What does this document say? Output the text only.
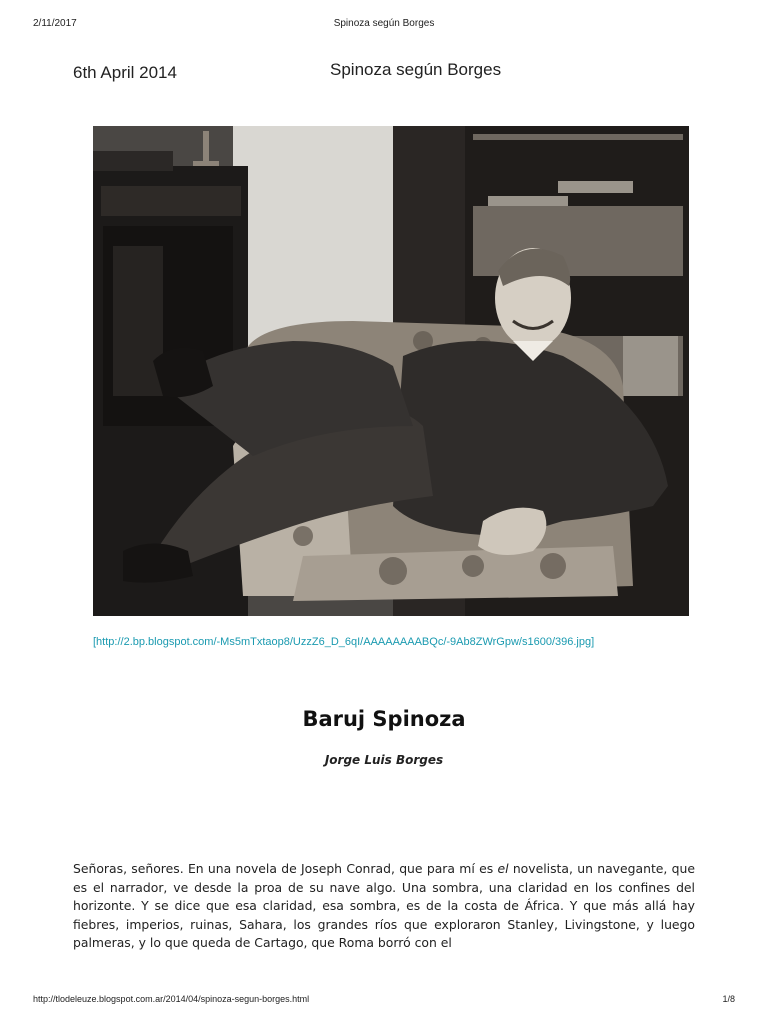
2/11/2017	Spinoza según Borges
6th April 2014	Spinoza según Borges
[http://2.bp.blogspot.com/-Ms5mTxtaop8/UzzZ6_D_6qI/AAAAAAAABQc/-9Ab8ZWrGpw/s1600/396.jpg]
Baruj Spinoza
Jorge Luis Borges

Señoras, señores. En una novela de Joseph Conrad, que para mí es el novelista, un navegante, que es el narrador, ve desde la proa de su nave algo. Una sombra, una claridad en los confines del horizonte. Y se dice que esa claridad, esa sombra, es de la costa de África. Y que más allá hay fiebres, imperios, ruinas, Sahara, los grandes ríos que exploraron Stanley, Livingstone, y luego palmeras, y lo que queda de Cartago, que Roma borró con el

http://tlodeleuze.blogspot.com.ar/2014/04/spinoza-segun-borges.html	1/8
